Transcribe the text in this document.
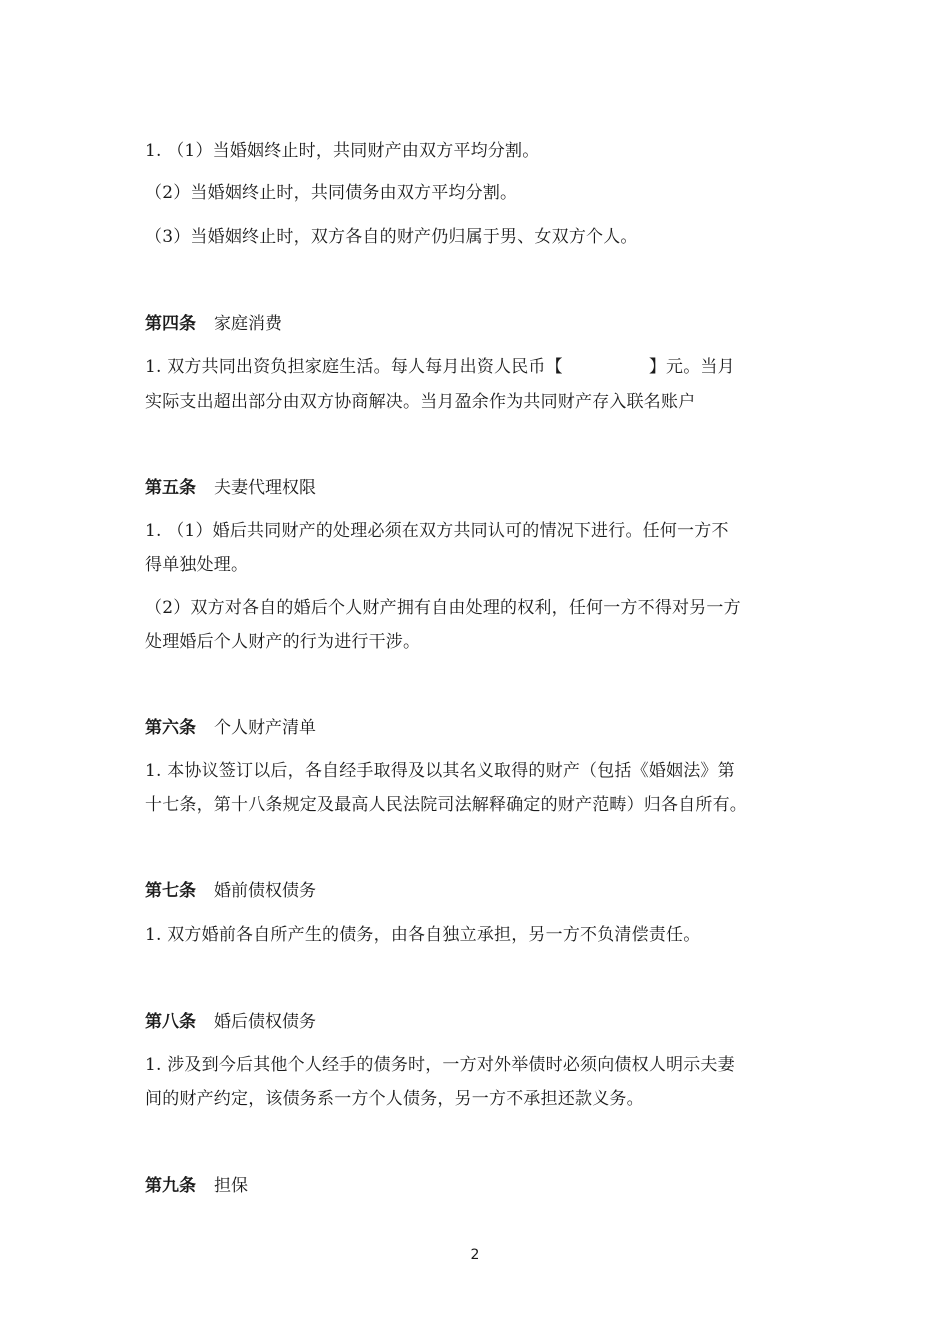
1. （1）当婚姻终止时，共同财产由双方平均分割。
（2）当婚姻终止时，共同债务由双方平均分割。
（3）当婚姻终止时，双方各自的财产仍归属于男、女双方个人。
第四条 家庭消费
1. 双方共同出资负担家庭生活。每人每月出资人民币【　　　　　】元。当月
实际支出超出部分由双方协商解决。当月盈余作为共同财产存入联名账户
第五条 夫妻代理权限
1. （1）婚后共同财产的处理必须在双方共同认可的情况下进行。任何一方不
得单独处理。
（2）双方对各自的婚后个人财产拥有自由处理的权利，任何一方不得对另一方
处理婚后个人财产的行为进行干涉。
第六条 个人财产清单
1. 本协议签订以后，各自经手取得及以其名义取得的财产（包括《婚姻法》第
十七条，第十八条规定及最高人民法院司法解释确定的财产范畴）归各自所有。
第七条 婚前债权债务
1. 双方婚前各自所产生的债务，由各自独立承担，另一方不负清偿责任。
第八条 婚后债权债务
1. 涉及到今后其他个人经手的债务时，一方对外举债时必须向债权人明示夫妻
间的财产约定，该债务系一方个人债务，另一方不承担还款义务。
第九条 担保
2
